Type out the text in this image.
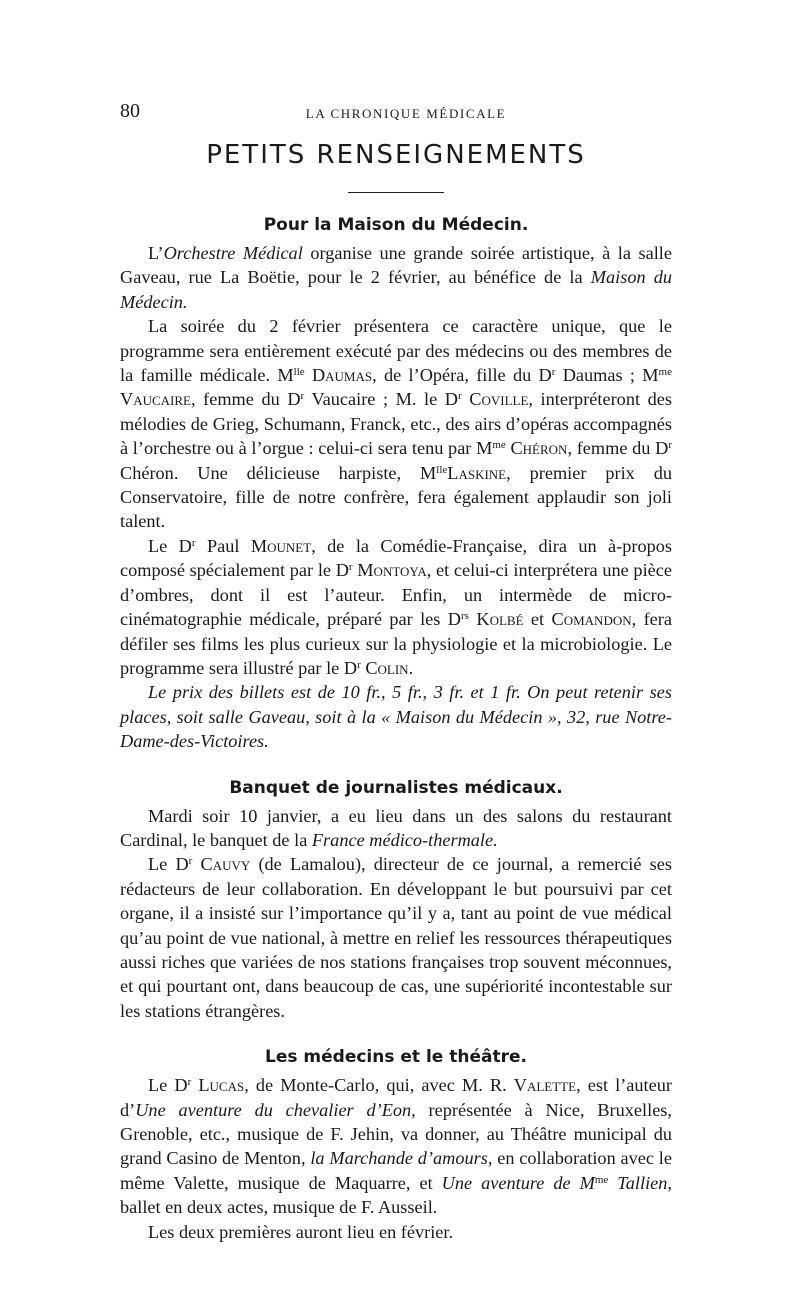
80	LA CHRONIQUE MÉDICALE
PETITS RENSEIGNEMENTS
Pour la Maison du Médecin.

L’Orchestre Médical organise une grande soirée artistique, à la salle Gaveau, rue La Boëtie, pour le 2 février, au bénéfice de la Maison du Médecin.

La soirée du 2 février présentera ce caractère unique, que le programme sera entièrement exécuté par des médecins ou des membres de la famille médicale. $M^{lle}$ Daumas, de l’Opéra, fille du $D^r$ Daumas ; $M^{me}$ Vaucaire, femme du $D^r$ Vaucaire ; M. le $D^r$ Coville, interpréteront des mélodies de Grieg, Schumann, Franck, etc., des airs d’opéras accompagnés à l’orchestre ou à l’orgue : celui-ci sera tenu par $M^{me}$ Chéron, femme du $D^r$ Chéron. Une délicieuse harpiste, $M^{lle}Laskine$, premier prix du Conservatoire, fille de notre confrère, fera également applaudir son joli talent.

Le $D^r$ Paul Mounet, de la Comédie-Française, dira un à-propos composé spécialement par le $D^r$ Montoya, et celui-ci interprétera une pièce d’ombres, dont il est l’auteur. Enfin, un intermède de micro-cinématographie médicale, préparé par les $D^{rs}$ Kolbé et Comandon, fera défiler ses films les plus curieux sur la physiologie et la microbiologie. Le programme sera illustré par le $D^r$ Colin.

Le prix des billets est de 10 fr., 5 fr., 3 fr. et 1 fr. On peut retenir ses places, soit salle Gaveau, soit à la « Maison du Médecin », 32, rue Notre-Dame-des-Victoires.

Banquet de journalistes médicaux.

Mardi soir 10 janvier, a eu lieu dans un des salons du restaurant Cardinal, le banquet de la France médico-thermale.

Le $D^r$ Cauvy (de Lamalou), directeur de ce journal, a remercié ses rédacteurs de leur collaboration. En développant le but poursuivi par cet organe, il a insisté sur l’importance qu’il y a, tant au point de vue médical qu’au point de vue national, à mettre en relief les ressources thérapeutiques aussi riches que variées de nos stations françaises trop souvent méconnues, et qui pourtant ont, dans beaucoup de cas, une supériorité incontestable sur les stations étrangères.

Les médecins et le théâtre.

Le $D^r$ Lucas, de Monte-Carlo, qui, avec M. R. Valette, est l’auteur d’Une aventure du chevalier d’Eon, représentée à Nice, Bruxelles, Grenoble, etc., musique de F. Jehin, va donner, au Théâtre municipal du grand Casino de Menton, la Marchande d’amours, en collaboration avec le même Valette, musique de Maquarre, et Une aventure de $M^{me}$ Tallien, ballet en deux actes, musique de F. Ausseil.

Les deux premières auront lieu en février.
